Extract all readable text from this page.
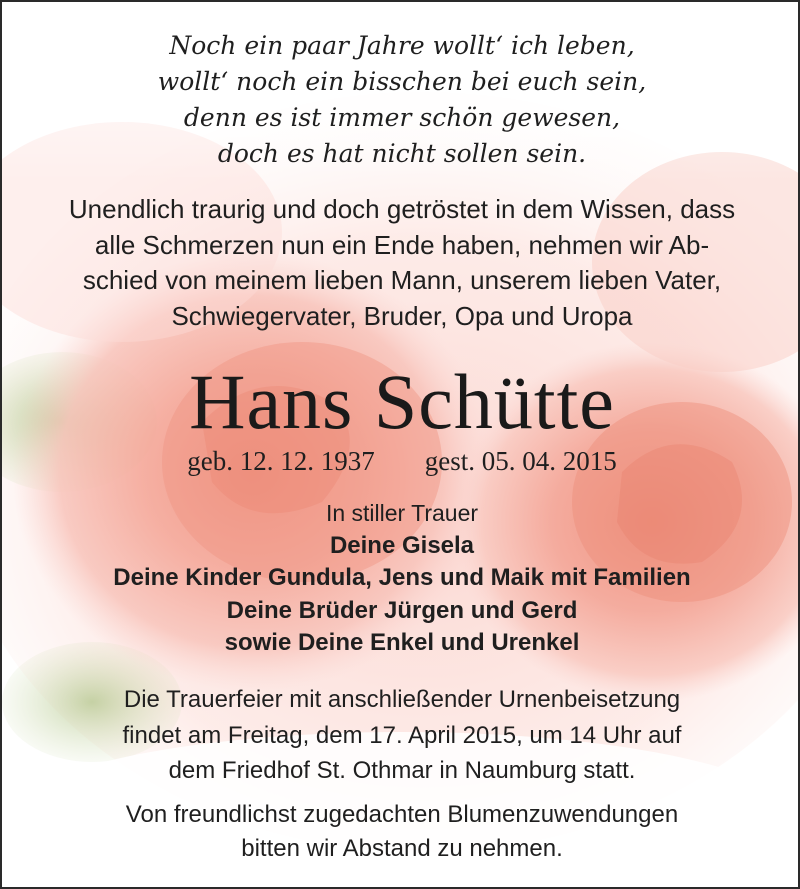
Noch ein paar Jahre wollt‘ ich leben,
wollt‘ noch ein bisschen bei euch sein,
denn es ist immer schön gewesen,
doch es hat nicht sollen sein.
Unendlich traurig und doch getröstet in dem Wissen, dass
alle Schmerzen nun ein Ende haben, nehmen wir Ab-
schied von meinem lieben Mann, unserem lieben Vater,
Schwiegervater, Bruder, Opa und Uropa
Hans Schütte
geb. 12. 12. 1937 gest. 05. 04. 2015
In stiller Trauer
Deine Gisela
Deine Kinder Gundula, Jens und Maik mit Familien
Deine Brüder Jürgen und Gerd
sowie Deine Enkel und Urenkel
Die Trauerfeier mit anschließender Urnenbeisetzung
findet am Freitag, dem 17. April 2015, um 14 Uhr auf
dem Friedhof St. Othmar in Naumburg statt.
Von freundlichst zugedachten Blumenzuwendungen
bitten wir Abstand zu nehmen.
